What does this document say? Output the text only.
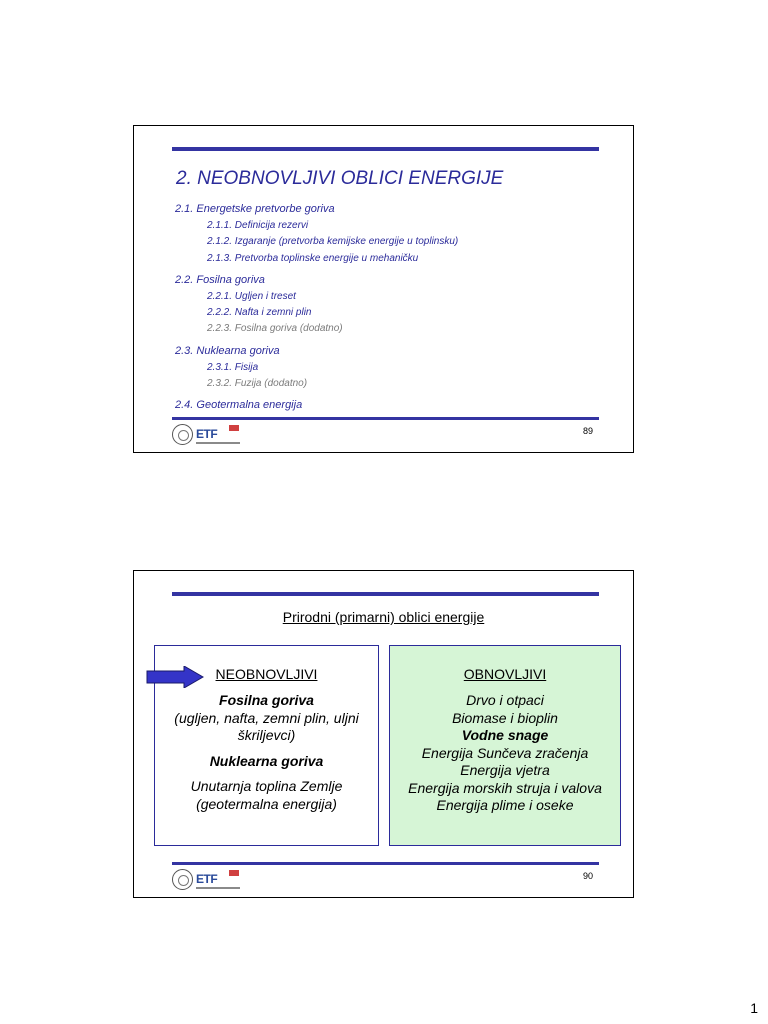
2. NEOBNOVLJIVI OBLICI ENERGIJE
2.1. Energetske pretvorbe goriva
2.1.1. Definicija rezervi
2.1.2. Izgaranje (pretvorba kemijske energije u toplinsku)
2.1.3. Pretvorba toplinske energije u mehaničku
2.2. Fosilna goriva
2.2.1. Ugljen i treset
2.2.2. Nafta i zemni plin
2.2.3. Fosilna goriva (dodatno)
2.3. Nuklearna goriva
2.3.1. Fisija
2.3.2. Fuzija (dodatno)
2.4. Geotermalna energija
ETF	89
Prirodni (primarni) oblici energije
NEOBNOVLJIVI

Fosilna goriva

(ugljen, nafta, zemni plin, uljni

škriljevci)

Nuklearna goriva

Unutarnja toplina Zemlje

(geotermalna energija)

OBNOVLJIVI

Drvo i otpaci

Biomase i bioplin

Vodne snage

Energija Sunčeva zračenja

Energija vjetra

Energija morskih struja i valova

Energija plime i oseke

ETF	90
1
